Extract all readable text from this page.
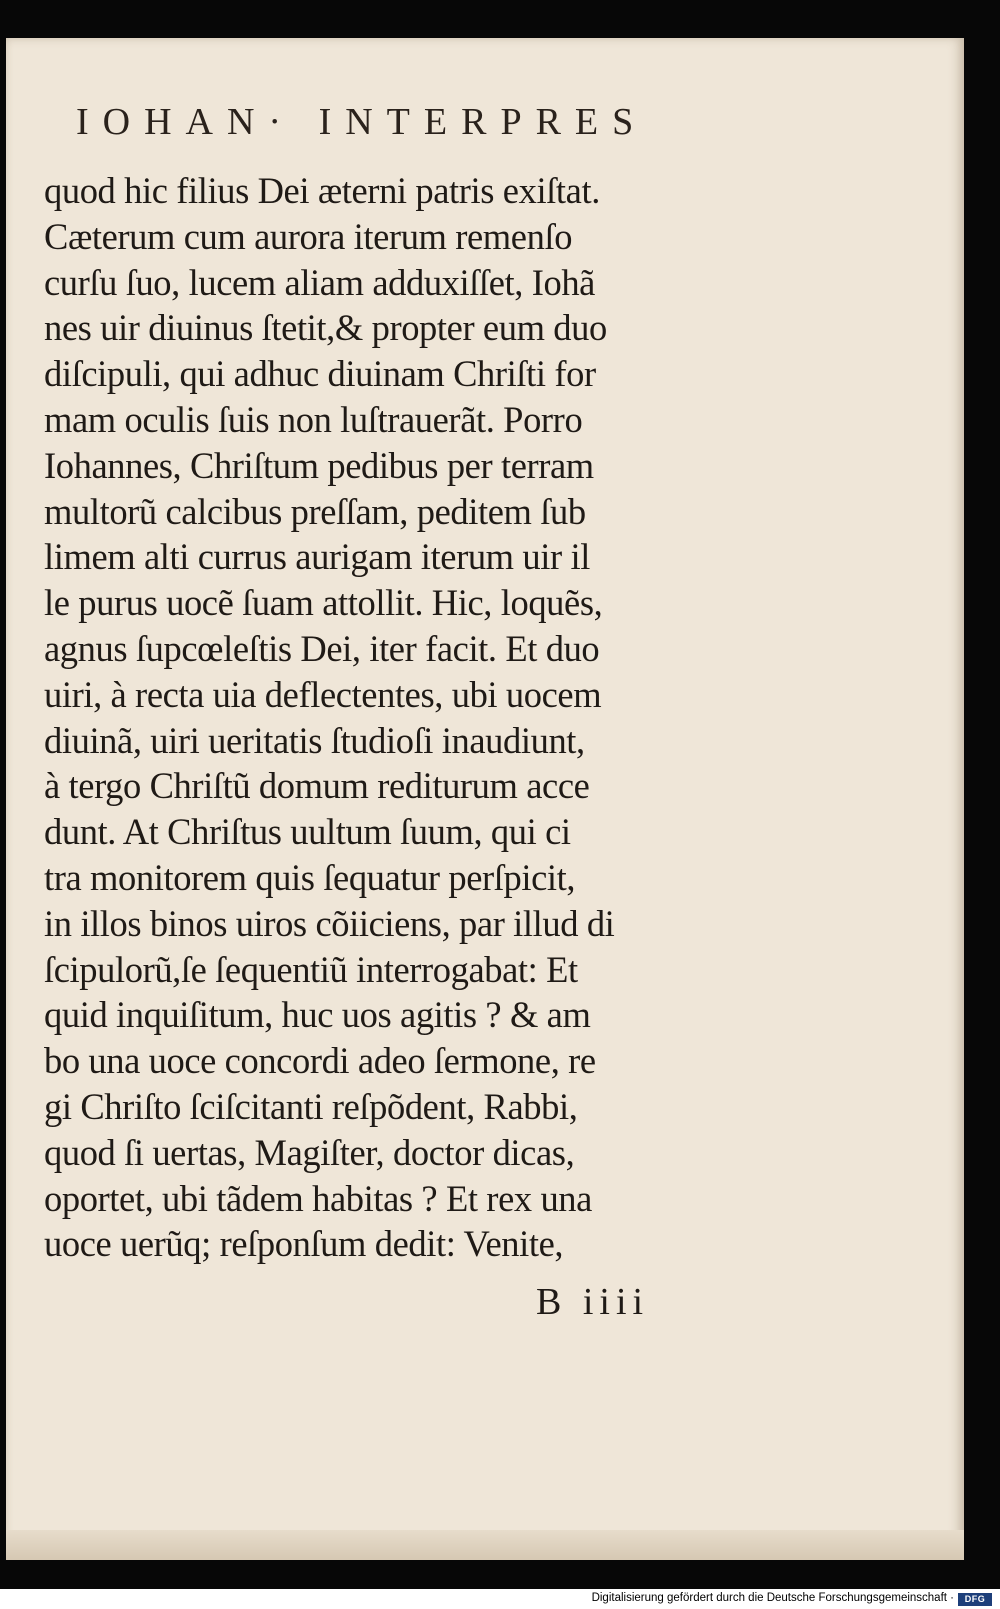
IOHAN· INTERPRES
quod hic filius Dei æterni patris exiſtat.
Cæterum cum aurora iterum remenſo
curſu ſuo, lucem aliam adduxiſſet, Iohã
nes uir diuinus ſtetit,& propter eum duo
diſcipuli, qui adhuc diuinam Chriſti for
mam oculis ſuis non luſtrauerãt. Porro
Iohannes, Chriſtum pedibus per terram
multorũ calcibus preſſam, peditem ſub
limem alti currus aurigam iterum uir il
le purus uocẽ ſuam attollit. Hic, loquẽs,
agnus ſupcœleſtis Dei, iter facit. Et duo
uiri, à recta uia deflectentes, ubi uocem
diuinã, uiri ueritatis ſtudioſi inaudiunt,
à tergo Chriſtũ domum rediturum acce
dunt. At Chriſtus uultum ſuum, qui ci
tra monitorem quis ſequatur perſpicit,
in illos binos uiros cõiiciens, par illud di
ſcipulorũ,ſe ſequentiũ interrogabat: Et
quid inquiſitum, huc uos agitis ? & am
bo una uoce concordi adeo ſermone, re
gi Chriſto ſciſcitanti reſpõdent, Rabbi,
quod ſi uertas, Magiſter, doctor dicas,
oportet, ubi tãdem habitas ? Et rex una
uoce uerũq; reſponſum dedit: Venite,
B iiii
Digitalisierung gefördert durch die Deutsche Forschungsgemeinschaft ·	DFG
